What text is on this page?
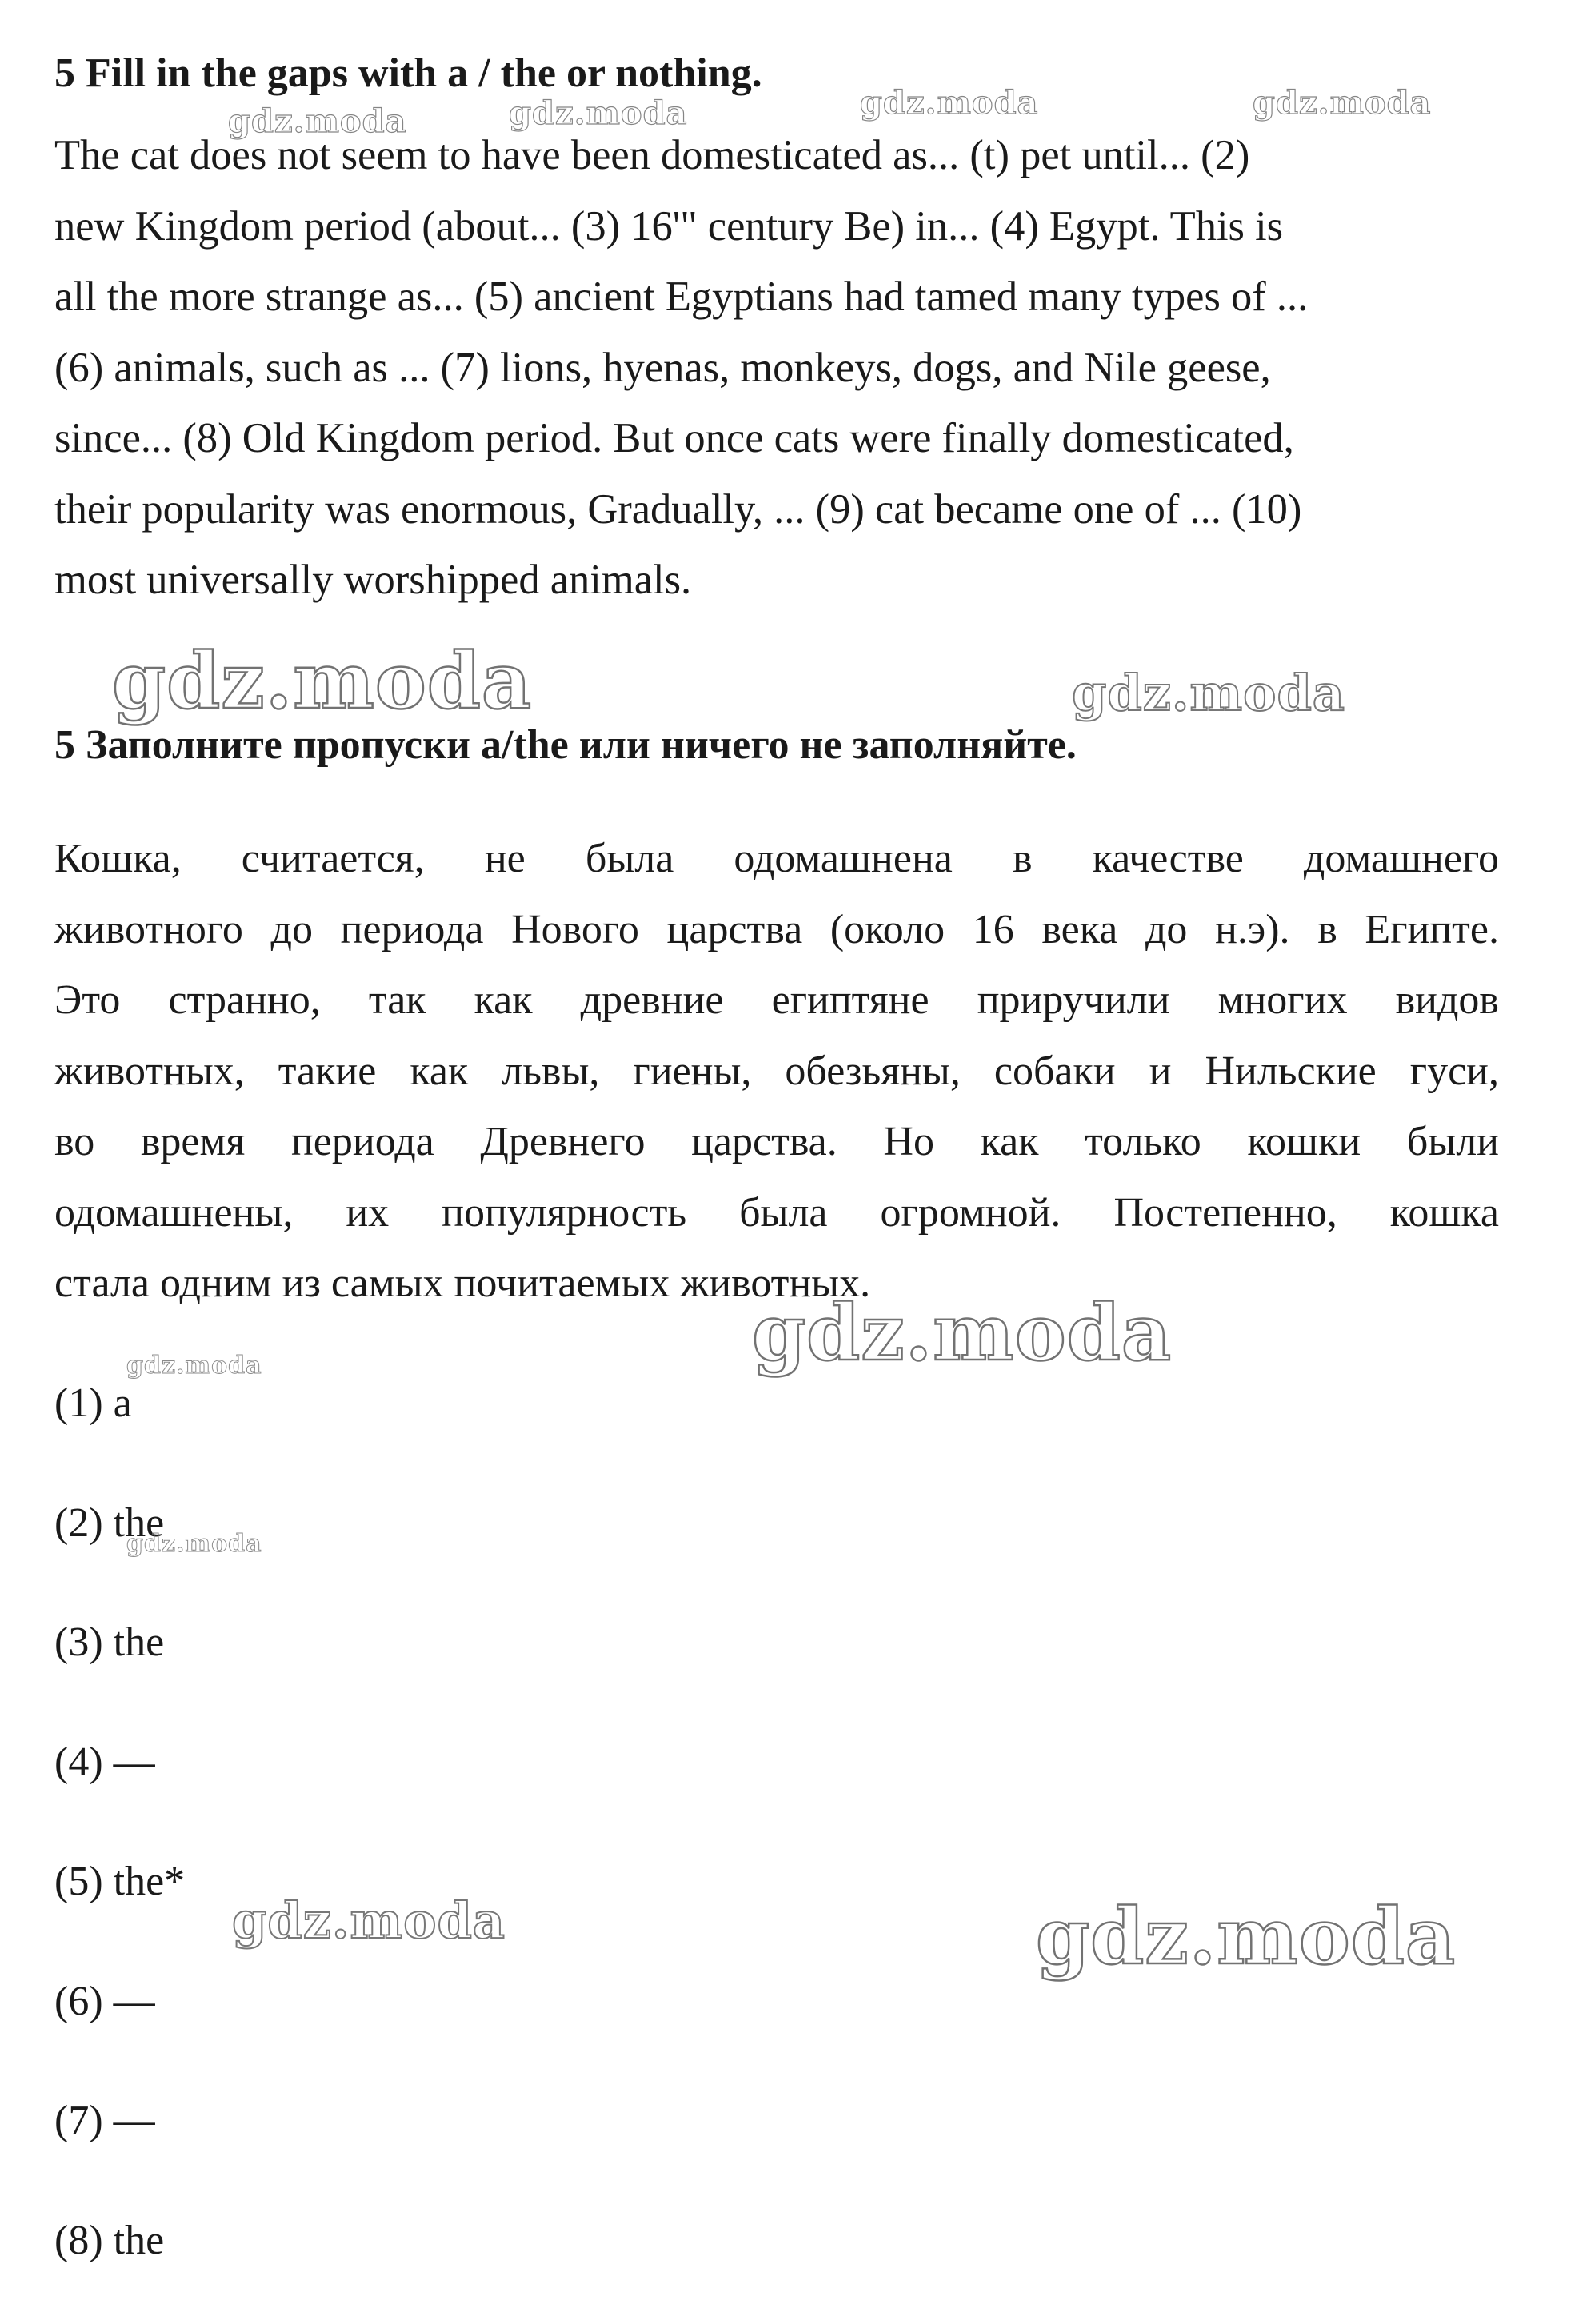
5 Fill in the gaps with a / the or nothing.
The cat does not seem to have been domesticated as... (t) pet until... (2)
new Kingdom period (about... (3) 16'" century Be) in... (4) Egypt. This is
all the more strange as... (5) ancient Egyptians had tamed many types of ...
(6) animals, such as ... (7) lions, hyenas, monkeys, dogs, and Nile geese,
since... (8) Old Kingdom period. But once cats were finally domesticated,
their popularity was enormous, Gradually, ... (9) cat became one of ... (10)
most universally worshipped animals.
5 Заполните пропуски a/the или ничего не заполняйте.
Кошка, считается, не была одомашнена в качестве домашнего
животного до периода Нового царства (около 16 века до н.э). в Египте.
Это странно, так как древние египтяне приручили многих видов
животных, такие как львы, гиены, обезьяны, собаки и Нильские гуси,
во время периода Древнего царства. Но как только кошки были
одомашнены, их популярность была огромной. Постепенно, кошка
стала одним из самых почитаемых животных.
(1) a
(2) the
(3) the
(4) —
(5) the*
(6) —
(7) —
(8) the
gdz.moda	gdz.moda	gdz.moda	gdz.moda
gdz.moda	gdz.moda
gdz.moda
gdz.moda
gdz.moda
gdz.moda	gdz.moda
